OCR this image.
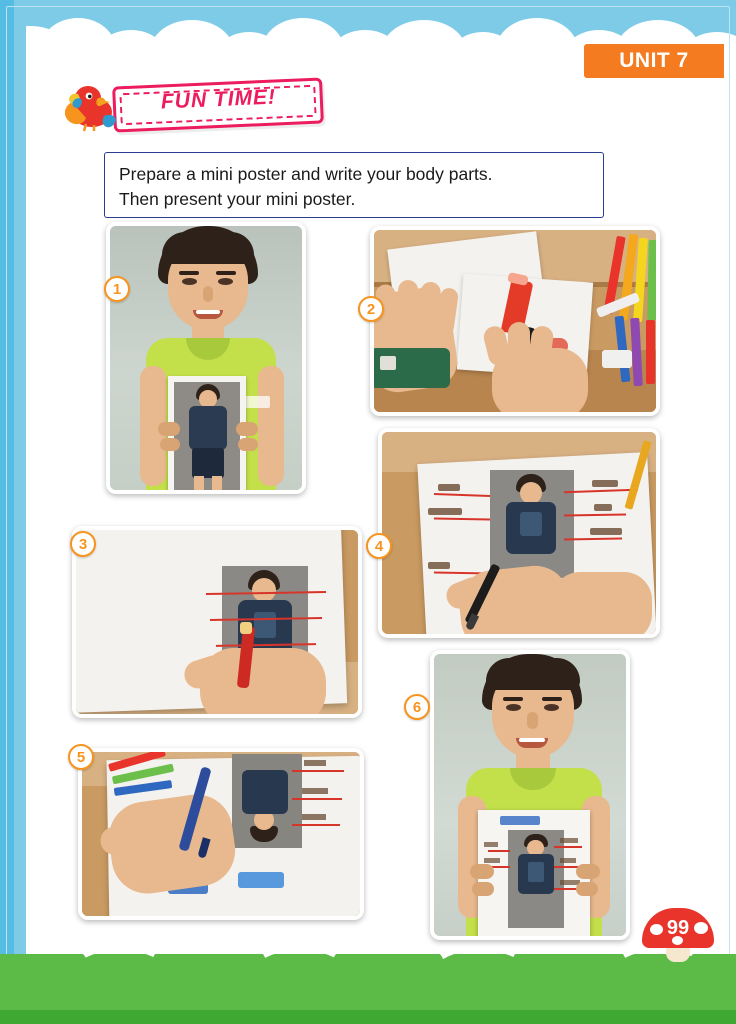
UNIT 7
FUN TIME!
Prepare a mini poster and write your body parts.
Then present your mini poster.
1
2
4
3
6
5
99
